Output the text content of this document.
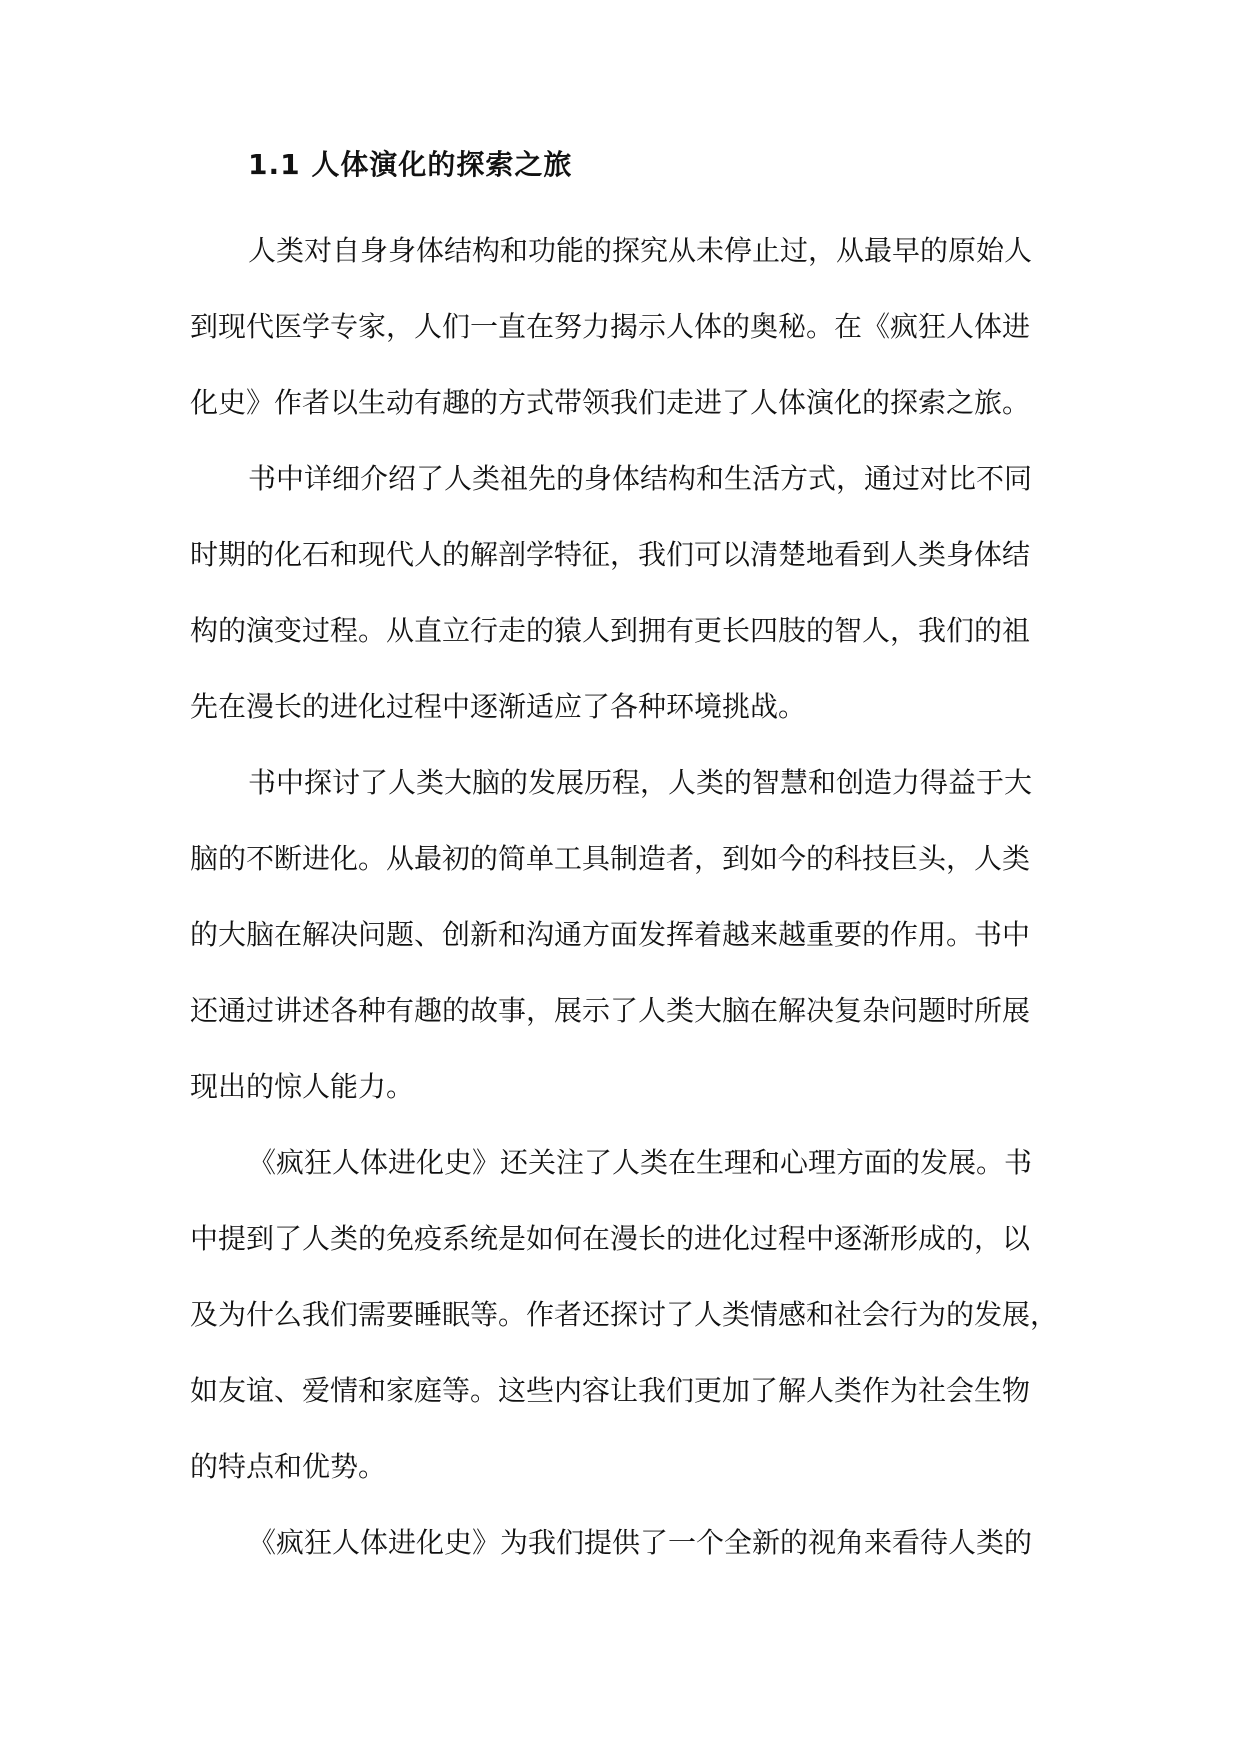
1.1 人体演化的探索之旅
人类对自身身体结构和功能的探究从未停止过，从最早的原始人
到现代医学专家，人们一直在努力揭示人体的奥秘。在《疯狂人体进
化史》作者以生动有趣的方式带领我们走进了人体演化的探索之旅。
书中详细介绍了人类祖先的身体结构和生活方式，通过对比不同
时期的化石和现代人的解剖学特征，我们可以清楚地看到人类身体结
构的演变过程。从直立行走的猿人到拥有更长四肢的智人，我们的祖
先在漫长的进化过程中逐渐适应了各种环境挑战。
书中探讨了人类大脑的发展历程，人类的智慧和创造力得益于大
脑的不断进化。从最初的简单工具制造者，到如今的科技巨头，人类
的大脑在解决问题、创新和沟通方面发挥着越来越重要的作用。书中
还通过讲述各种有趣的故事，展示了人类大脑在解决复杂问题时所展
现出的惊人能力。
《疯狂人体进化史》还关注了人类在生理和心理方面的发展。书
中提到了人类的免疫系统是如何在漫长的进化过程中逐渐形成的，以
及为什么我们需要睡眠等。作者还探讨了人类情感和社会行为的发展，
如友谊、爱情和家庭等。这些内容让我们更加了解人类作为社会生物
的特点和优势。
《疯狂人体进化史》为我们提供了一个全新的视角来看待人类的
